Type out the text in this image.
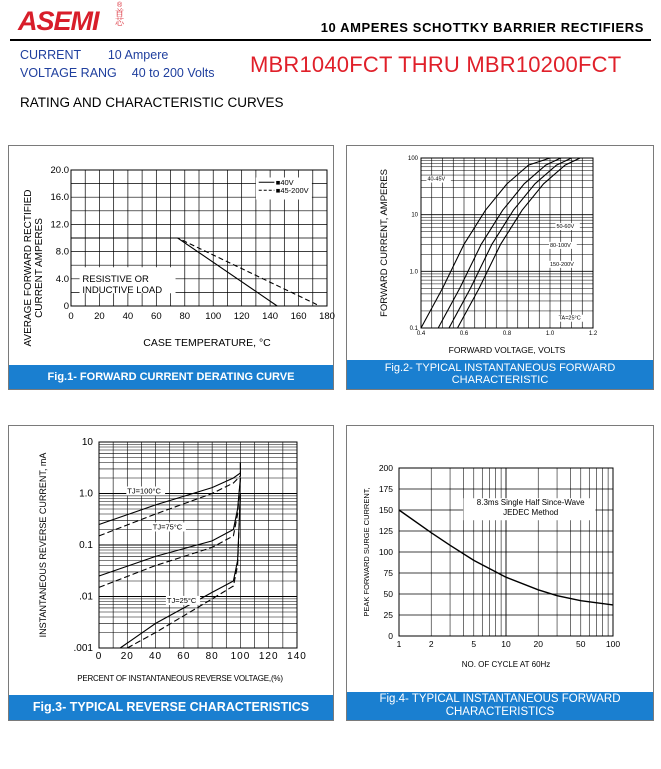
ASEMI 首芯
®
10 AMPERES SCHOTTKY BARRIER RECTIFIERS
CURRENT 10 Ampere
VOLTAGE RANG 40 to 200 Volts MBR1040FCT THRU MBR10200FCT
RATING AND CHARACTERISTIC CURVES
0 20 40 60 80 100 120 140 160 180
0
4.0
8.0
12.0
16.0
20.0
RESISTIVE OR
INDUCTIVE LOAD
■40V
■45-200V
CASE TEMPERATURE, °C
AVERAGE FORWARD RECTIFIED CURRENT AMPERES
Fig.1- FORWARD CURRENT DERATING CURVE
0.4	0.6	0.8	1.0	1.2
0.1
1.0
10
100
40-45V
50-60V
80-100V
150-200V
TA=25°C
FORWARD VOLTAGE, VOLTS
FORWARD CURRENT, AMPERES
Fig.2- TYPICAL INSTANTANEOUS FORWARD
CHARACTERISTIC
0 20 40 60 80 100 120 140
.001
.01
0.1
1.0
10
TJ=100°C
TJ=75°C
TJ=25°C
PERCENT OF INSTANTANEOUS REVERSE VOLTAGE,(%)
INSTANTANEOUS REVERSE CURRENT, mA
Fig.3- TYPICAL REVERSE CHARACTERISTICS
1	2	5	10	20	50 100
0
25
50
75
100
125
150
175
200
8.3ms Single Half Since-Wave
JEDEC Method
NO. OF CYCLE AT 60Hz
PEAK FORWARD SURGE CURRENT,
Fig.4- TYPICAL INSTANTANEOUS FORWARD
CHARACTERISTICS
